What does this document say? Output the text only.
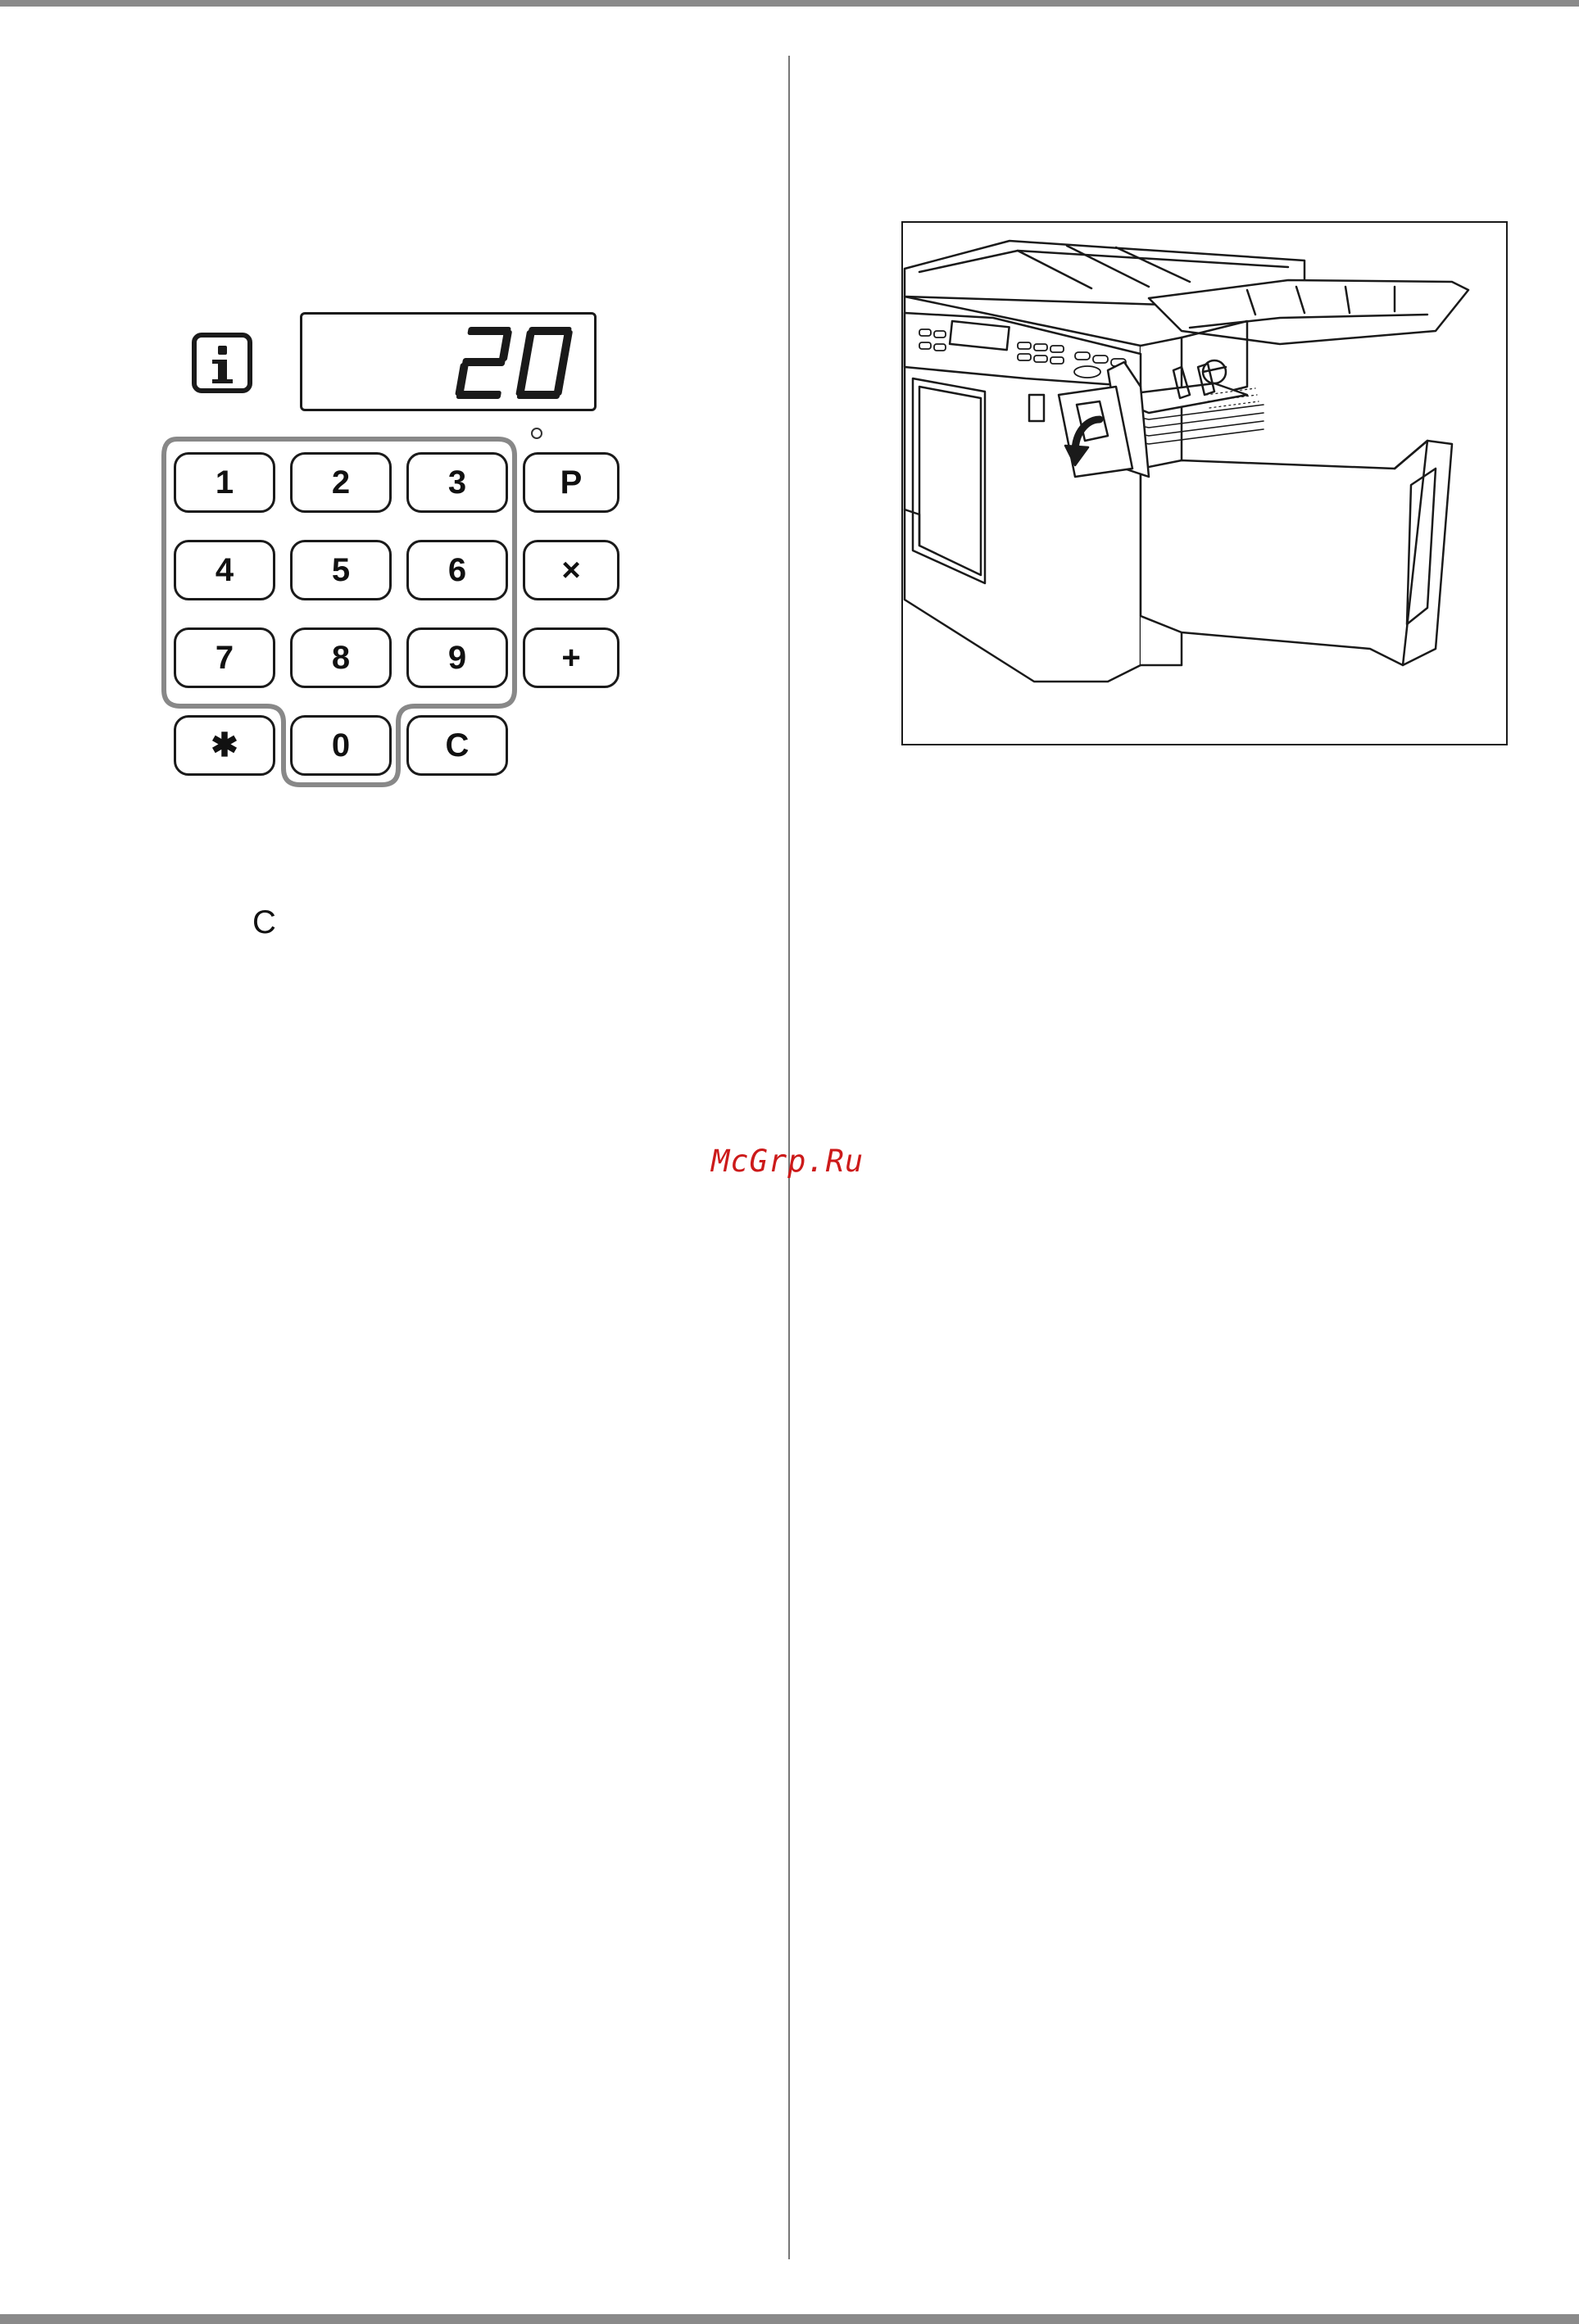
1	2	3	P
4	5	6	×
7	8	9	+
✱	0	C
C
McGrp.Ru
